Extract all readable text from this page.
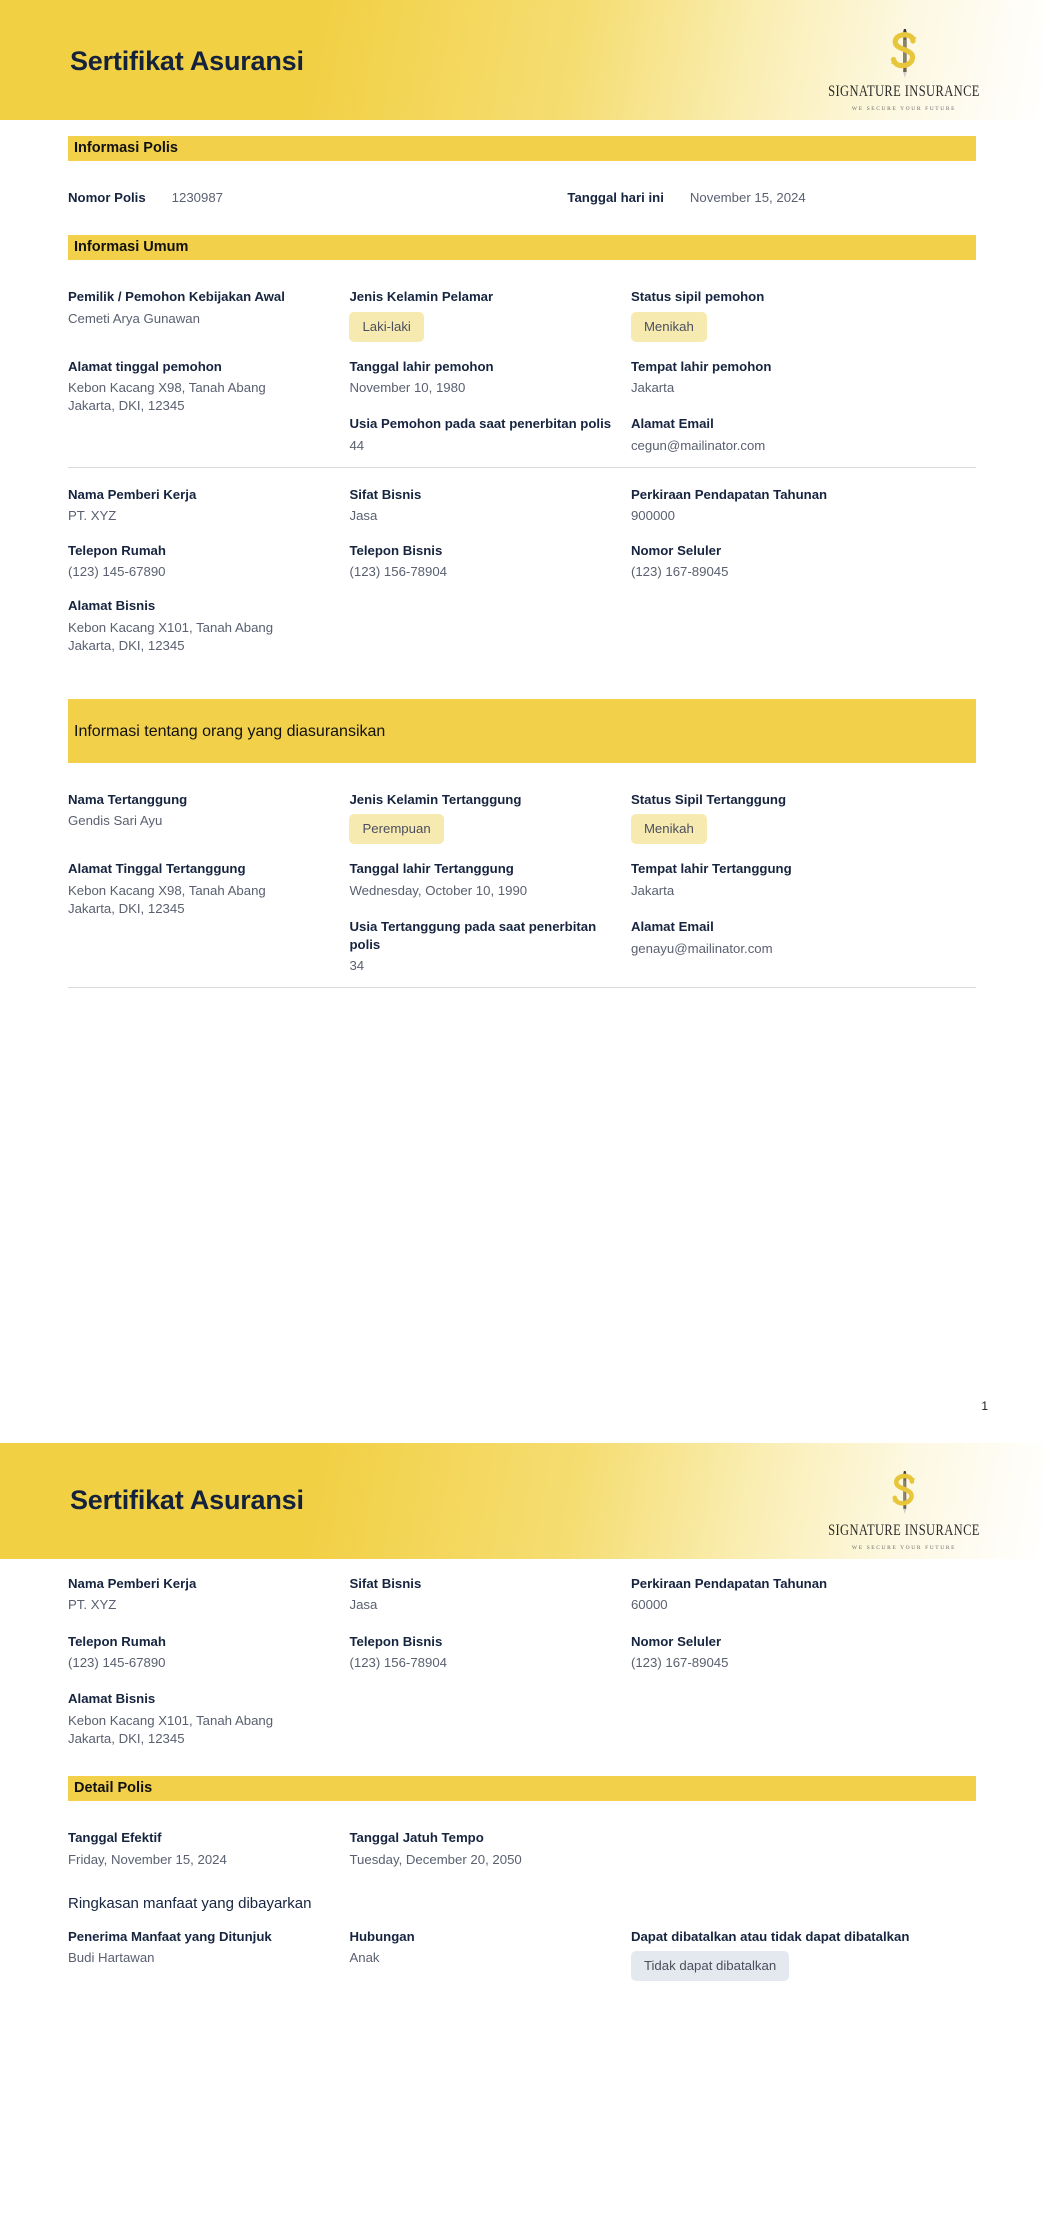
Sertifikat Asuransi
SIGNATURE INSURANCE
WE SECURE YOUR FUTURE
Informasi Polis
Nomor Polis 1230987	Tanggal hari ini November 15, 2024
Informasi Umum
Pemilik / Pemohon Kebijakan Awal
Cemeti Arya Gunawan
Jenis Kelamin Pelamar
Laki-laki
Status sipil pemohon
Menikah
Alamat tinggal pemohon
Kebon Kacang X98, Tanah Abang
Jakarta, DKI, 12345
Tanggal lahir pemohon
November 10, 1980
Usia Pemohon pada saat penerbitan polis
44
Tempat lahir pemohon
Jakarta
Alamat Email
cegun@mailinator.com
Nama Pemberi Kerja
PT. XYZ
Sifat Bisnis
Jasa
Perkiraan Pendapatan Tahunan
900000
Telepon Rumah
(123) 145-67890
Telepon Bisnis
(123) 156-78904
Nomor Seluler
(123) 167-89045
Alamat Bisnis
Kebon Kacang X101, Tanah Abang
Jakarta, DKI, 12345
Informasi tentang orang yang diasuransikan
Nama Tertanggung
Gendis Sari Ayu
Jenis Kelamin Tertanggung
Perempuan
Status Sipil Tertanggung
Menikah
Alamat Tinggal Tertanggung
Kebon Kacang X98, Tanah Abang
Jakarta, DKI, 12345
Tanggal lahir Tertanggung
Wednesday, October 10, 1990
Usia Tertanggung pada saat penerbitan polis
34
Tempat lahir Tertanggung
Jakarta
Alamat Email
genayu@mailinator.com
1
Sertifikat Asuransi
SIGNATURE INSURANCE
WE SECURE YOUR FUTURE
Nama Pemberi Kerja
PT. XYZ
Telepon Rumah
(123) 145-67890
Alamat Bisnis
Kebon Kacang X101, Tanah Abang
Jakarta, DKI, 12345
Sifat Bisnis
Jasa
Telepon Bisnis
(123) 156-78904
Perkiraan Pendapatan Tahunan
60000
Nomor Seluler
(123) 167-89045
Detail Polis
Tanggal Efektif
Friday, November 15, 2024
Tanggal Jatuh Tempo
Tuesday, December 20, 2050
Ringkasan manfaat yang dibayarkan
Penerima Manfaat yang Ditunjuk
Budi Hartawan
Hubungan
Anak
Dapat dibatalkan atau tidak dapat dibatalkan
Tidak dapat dibatalkan
